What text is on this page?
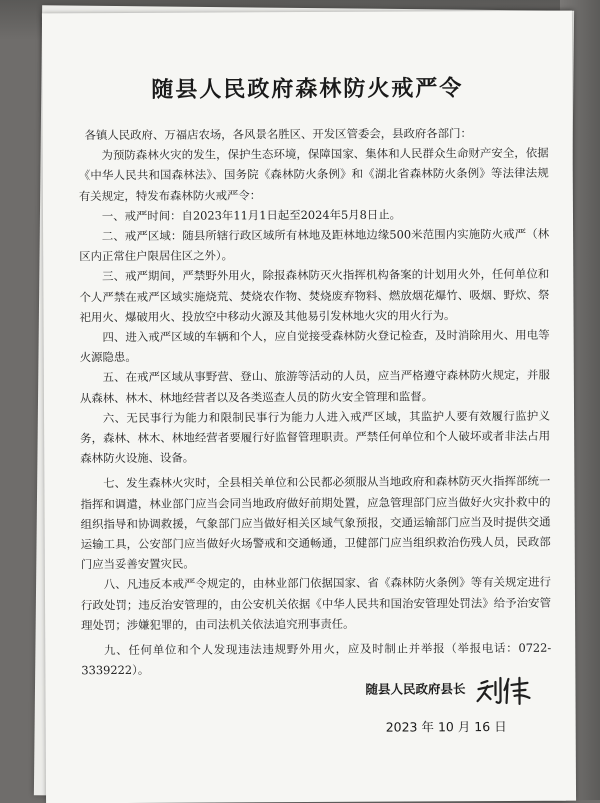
随县人民政府森林防火戒严令

各镇人民政府、万福店农场，各风景名胜区、开发区管委会，县政府各部门：

为预防森林火灾的发生，保护生态环境，保障国家、集体和人民群众生命财产安全，依据《中华人民共和国森林法》、国务院《森林防火条例》和《湖北省森林防火条例》等法律法规有关规定，特发布森林防火戒严令：

一、戒严时间：自2023年11月1日起至2024年5月8日止。

二、戒严区域：随县所辖行政区域所有林地及距林地边缘500米范围内实施防火戒严（林区内正常住户限居住区之外）。

三、戒严期间，严禁野外用火，除报森林防灭火指挥机构备案的计划用火外，任何单位和个人严禁在戒严区域实施烧荒、焚烧农作物、焚烧废弃物料、燃放烟花爆竹、吸烟、野炊、祭祀用火、爆破用火、投放空中移动火源及其他易引发林地火灾的用火行为。

四、进入戒严区域的车辆和个人，应自觉接受森林防火登记检查，及时消除用火、用电等火源隐患。

五、在戒严区域从事野营、登山、旅游等活动的人员，应当严格遵守森林防火规定，并服从森林、林木、林地经营者以及各类巡查人员的防火安全管理和监督。

六、无民事行为能力和限制民事行为能力人进入戒严区域，其监护人要有效履行监护义务，森林、林木、林地经营者要履行好监督管理职责。严禁任何单位和个人破坏或者非法占用森林防火设施、设备。

七、发生森林火灾时，全县相关单位和公民都必须服从当地政府和森林防灭火指挥部统一指挥和调遣，林业部门应当会同当地政府做好前期处置，应急管理部门应当做好火灾扑救中的组织指导和协调救援，气象部门应当做好相关区域气象预报，交通运输部门应当及时提供交通运输工具，公安部门应当做好火场警戒和交通畅通，卫健部门应当组织救治伤残人员，民政部门应当妥善安置灾民。

八、凡违反本戒严令规定的，由林业部门依据国家、省《森林防火条例》等有关规定进行行政处罚；违反治安管理的，由公安机关依据《中华人民共和国治安管理处罚法》给予治安管理处罚；涉嫌犯罪的，由司法机关依法追究刑事责任。

九、任何单位和个人发现违法违规野外用火，应及时制止并举报（举报电话：0722-3339222）。

随县人民政府县长
2023 年 10 月 16 日
